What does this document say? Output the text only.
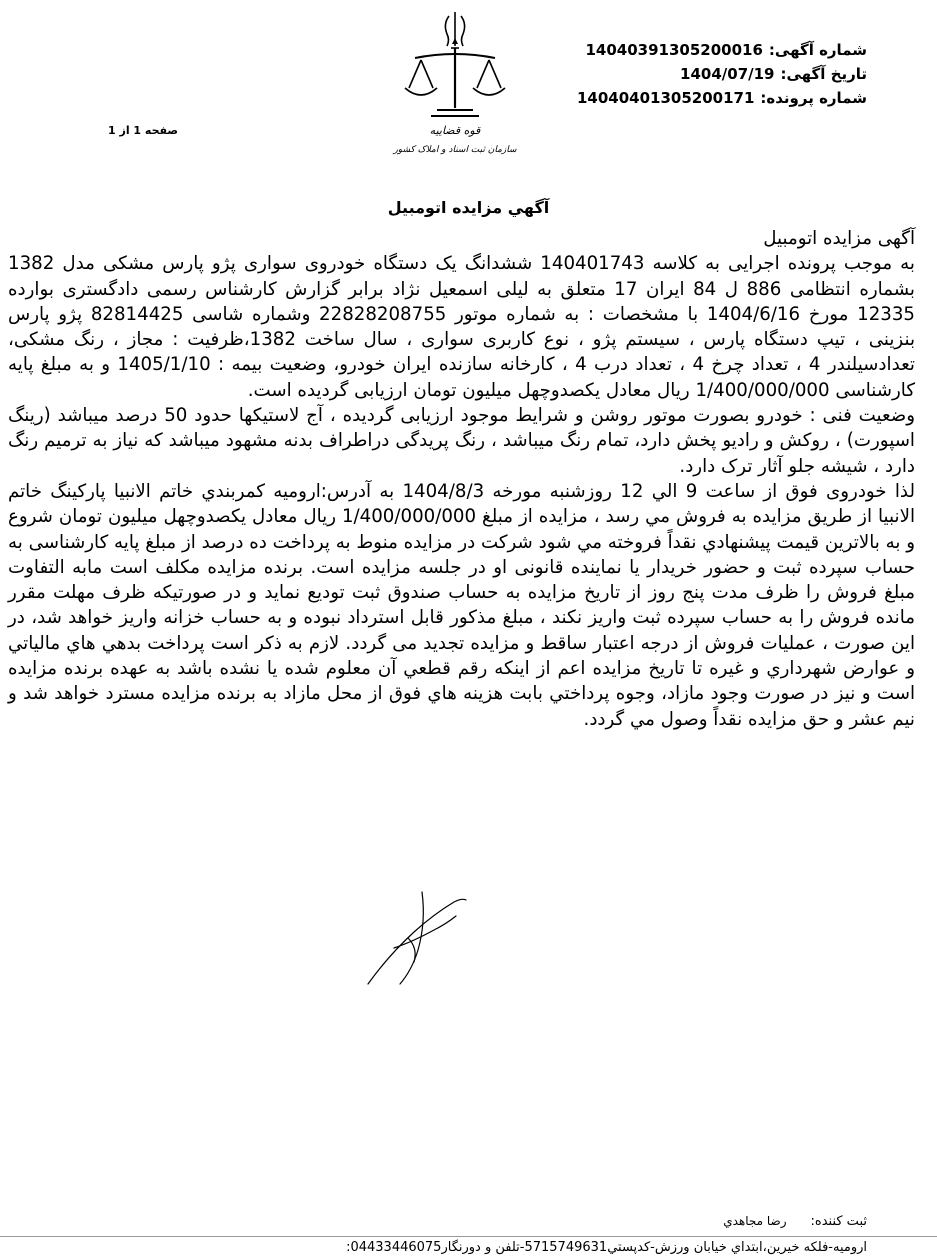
شماره آگهی:14040391305200016
تاریخ آگهی:1404/07/19
شماره پرونده:14040401305200171
صفحه 1 از 1	قوه قضاییه
سازمان ثبت اسناد و املاک کشور
آگهي مزايده اتومبيل

آگهی مزایده اتومبیل

به موجب پرونده اجرایی به کلاسه 140401743 ششدانگ یک دستگاه خودروی سواری پژو پارس مشکی مدل 1382 بشماره انتظامی 886 ل 84 ایران 17 متعلق به لیلی اسمعیل نژاد برابر گزارش کارشناس رسمی دادگستری بوارده 12335 مورخ 1404/6/16 با مشخصات : به شماره موتور 22828208755 وشماره شاسی 82814425 پژو پارس بنزینی ، تیپ دستگاه پارس ، سیستم پژو ، نوع کاربری سواری ، سال ساخت 1382،ظرفیت : مجاز ، رنگ مشکی، تعدادسیلندر 4 ، تعداد چرخ 4 ، تعداد درب 4 ، کارخانه سازنده ایران خودرو، وضعیت بیمه : 1405/1/10 و به مبلغ پایه کارشناسی 1/400/000/000 ریال معادل یکصدوچهل میلیون تومان ارزیابی گردیده است.

وضعیت فنی : خودرو بصورت موتور روشن و شرایط موجود ارزیابی گردیده ، آج لاستیکها حدود 50 درصد میباشد (رینگ اسپورت) ، روکش و رادیو پخش دارد، تمام رنگ میباشد ، رنگ پریدگی دراطراف بدنه مشهود میباشد که نیاز به ترمیم رنگ دارد ، شیشه جلو آثار ترک دارد.

لذا خودروی فوق از ساعت 9 الي 12 روزشنبه مورخه 1404/8/3 به آدرس:اروميه كمربندي خاتم الانبيا پاركينگ خاتم الانبيا از طريق مزايده به فروش مي رسد ، مزايده از مبلغ 1/400/000/000 ريال معادل يكصدوچهل ميليون تومان شروع و به بالاترين قيمت پيشنهادي نقداً فروخته مي شود شركت در مزايده منوط به پرداخت ده درصد از مبلغ پایه کارشناسی به حساب سپرده ثبت و حضور خریدار یا نماینده قانونی او در جلسه مزایده است. برنده مزایده مکلف است مابه التفاوت مبلغ فروش را ظرف مدت پنج روز از تاریخ مزایده به حساب صندوق ثبت تودیع نماید و در صورتیکه ظرف مهلت مقرر مانده فروش را به حساب سپرده ثبت واریز نکند ، مبلغ مذکور قابل استرداد نبوده و به حساب خزانه واریز خواهد شد، در این صورت ، عملیات فروش از درجه اعتبار ساقط و مزایده تجدید می گردد. لازم به ذکر است پرداخت بدهي هاي مالياتي و عوارض شهرداري و غيره تا تاريخ مزايده اعم از اينكه رقم قطعي آن معلوم شده يا نشده باشد به عهده برنده مزايده است و نيز در صورت وجود مازاد، وجوه پرداختي بابت هزينه هاي فوق از محل مازاد به برنده مزايده مسترد خواهد شد و نيم عشر و حق مزايده نقداً وصول مي گردد.

ثبت کننده:رضا مجاهدي
اروميه-فلكه خيرين،ابتداي خيابان ورزش-كدپستي5715749631-تلفن و دورنگار04433446075:
